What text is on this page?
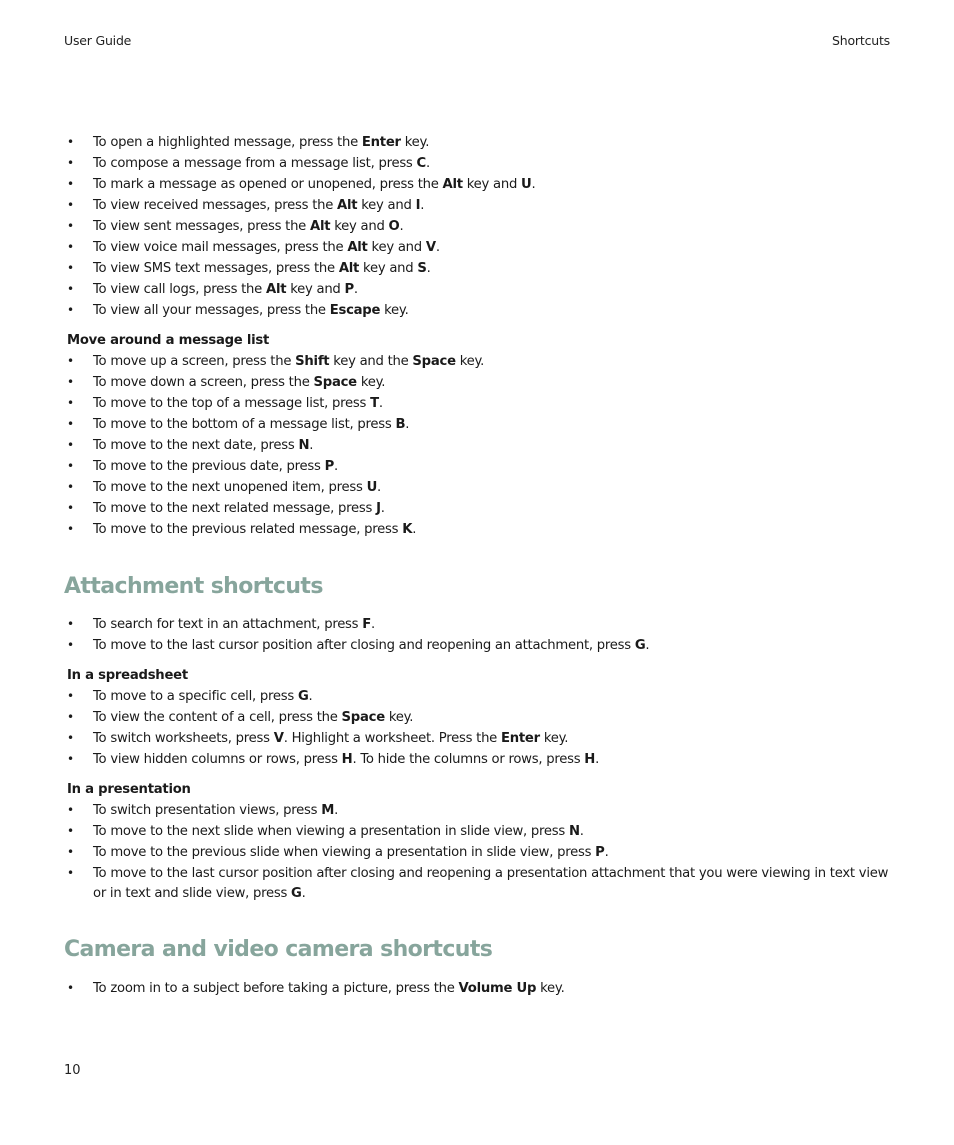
User Guide	Shortcuts
• To open a highlighted message, press the Enter key.
• To compose a message from a message list, press C.
• To mark a message as opened or unopened, press the Alt key and U.
• To view received messages, press the Alt key and I.
• To view sent messages, press the Alt key and O.
• To view voice mail messages, press the Alt key and V.
• To view SMS text messages, press the Alt key and S.
• To view call logs, press the Alt key and P.
• To view all your messages, press the Escape key.
Move around a message list
• To move up a screen, press the Shift key and the Space key.
• To move down a screen, press the Space key.
• To move to the top of a message list, press T.
• To move to the bottom of a message list, press B.
• To move to the next date, press N.
• To move to the previous date, press P.
• To move to the next unopened item, press U.
• To move to the next related message, press J.
• To move to the previous related message, press K.
Attachment shortcuts
• To search for text in an attachment, press F.
• To move to the last cursor position after closing and reopening an attachment, press G.
In a spreadsheet
• To move to a specific cell, press G.
• To view the content of a cell, press the Space key.
• To switch worksheets, press V. Highlight a worksheet. Press the Enter key.
• To view hidden columns or rows, press H. To hide the columns or rows, press H.
In a presentation
• To switch presentation views, press M.
• To move to the next slide when viewing a presentation in slide view, press N.
• To move to the previous slide when viewing a presentation in slide view, press P.
• To move to the last cursor position after closing and reopening a presentation attachment that you were viewing in text view or in text and slide view, press G.
Camera and video camera shortcuts
• To zoom in to a subject before taking a picture, press the Volume Up key.
10
